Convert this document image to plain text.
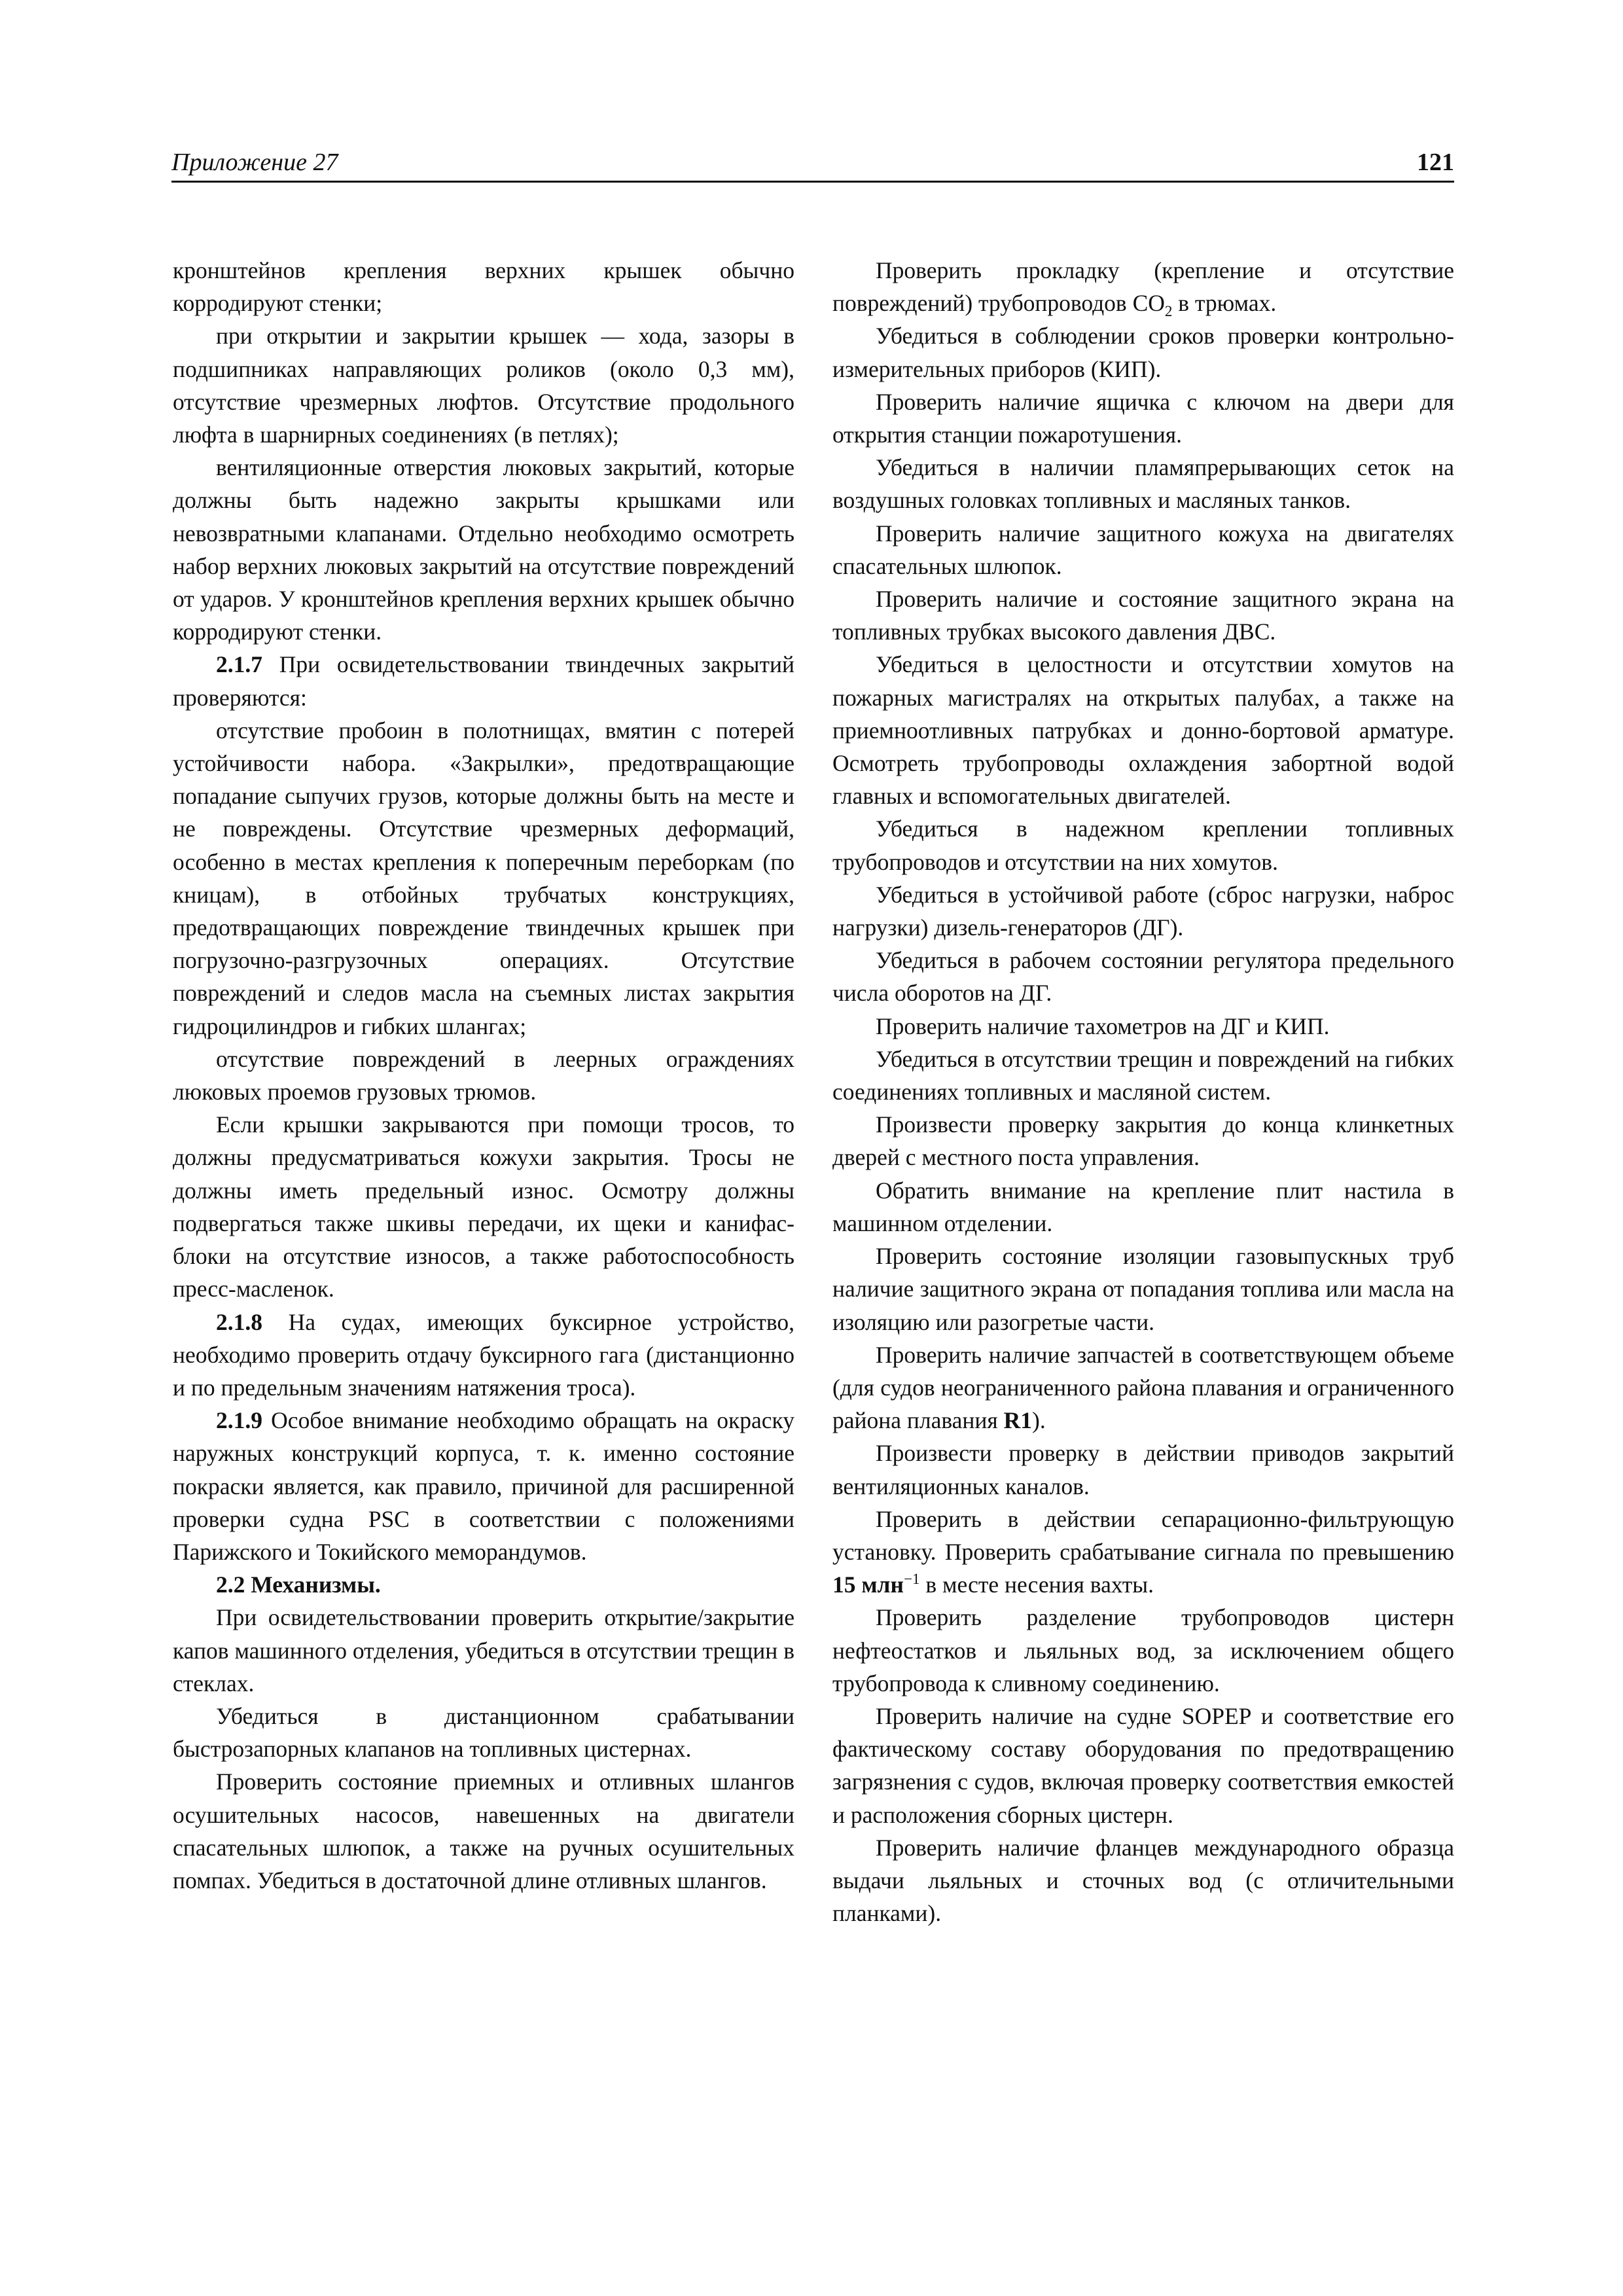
Приложение 27	121

кронштейнов крепления верхних крышек обычно корродируют стенки;

при открытии и закрытии крышек — хода, зазоры в подшипниках направляющих роликов (около 0,3 мм), отсутствие чрезмерных люфтов. Отсутствие продольного люфта в шарнирных соединениях (в петлях);

вентиляционные отверстия люковых закрытий, которые должны быть надежно закрыты крышками или невозвратными клапанами. Отдельно необходимо осмотреть набор верхних люковых закрытий на отсутствие повреждений от ударов. У кронштейнов крепления верхних крышек обычно корродируют стенки.

2.1.7 При освидетельствовании твиндечных закрытий проверяются:

отсутствие пробоин в полотнищах, вмятин с потерей устойчивости набора. «Закрылки», предотвращающие попадание сыпучих грузов, которые должны быть на месте и не повреждены. Отсутствие чрезмерных деформаций, особенно в местах крепления к поперечным переборкам (по кницам), в отбойных трубчатых конструкциях, предотвращающих повреждение твиндечных крышек при погрузочно-разгрузочных операциях. Отсутствие повреждений и следов масла на съемных листах закрытия гидроцилиндров и гибких шлангах;

отсутствие повреждений в леерных ограждениях люковых проемов грузовых трюмов.

Если крышки закрываются при помощи тросов, то должны предусматриваться кожухи закрытия. Тросы не должны иметь предельный износ. Осмотру должны подвергаться также шкивы передачи, их щеки и канифас-блоки на отсутствие износов, а также работоспособность пресс-масленок.

2.1.8 На судах, имеющих буксирное устройство, необходимо проверить отдачу буксирного гага (дистанционно и по предельным значениям натяжения троса).

2.1.9 Особое внимание необходимо обращать на окраску наружных конструкций корпуса, т. к. именно состояние покраски является, как правило, причиной для расширенной проверки судна PSC в соответствии с положениями Парижского и Токийского меморандумов.

2.2 Механизмы.

При освидетельствовании проверить открытие/закрытие капов машинного отделения, убедиться в отсутствии трещин в стеклах.

Убедиться в дистанционном срабатывании быстрозапорных клапанов на топливных цистернах.

Проверить состояние приемных и отливных шлангов осушительных насосов, навешенных на двигатели спасательных шлюпок, а также на ручных осушительных помпах. Убедиться в достаточной длине отливных шлангов.

Проверить прокладку (крепление и отсутствие повреждений) трубопроводов $CO_2$ в трюмах.

Убедиться в соблюдении сроков проверки контрольно-измерительных приборов (КИП).

Проверить наличие ящичка с ключом на двери для открытия станции пожаротушения.

Убедиться в наличии пламяпрерывающих сеток на воздушных головках топливных и масляных танков.

Проверить наличие защитного кожуха на двигателях спасательных шлюпок.

Проверить наличие и состояние защитного экрана на топливных трубках высокого давления ДВС.

Убедиться в целостности и отсутствии хомутов на пожарных магистралях на открытых палубах, а также на приемноотливных патрубках и донно-бортовой арматуре. Осмотреть трубопроводы охлаждения забортной водой главных и вспомогательных двигателей.

Убедиться в надежном креплении топливных трубопроводов и отсутствии на них хомутов.

Убедиться в устойчивой работе (сброс нагрузки, наброс нагрузки) дизель-генераторов (ДГ).

Убедиться в рабочем состоянии регулятора предельного числа оборотов на ДГ.

Проверить наличие тахометров на ДГ и КИП.

Убедиться в отсутствии трещин и повреждений на гибких соединениях топливных и масляной систем.

Произвести проверку закрытия до конца клинкетных дверей с местного поста управления.

Обратить внимание на крепление плит настила в машинном отделении.

Проверить состояние изоляции газовыпускных труб наличие защитного экрана от попадания топлива или масла на изоляцию или разогретые части.

Проверить наличие запчастей в соответствующем объеме (для судов неограниченного района плавания и ограниченного района плавания R1).

Произвести проверку в действии приводов закрытий вентиляционных каналов.

Проверить в действии сепарационно-фильтрующую установку. Проверить срабатывание сигнала по превышению 15 млн$^{-1}$ в месте несения вахты.

Проверить разделение трубопроводов цистерн нефтеостатков и льяльных вод, за исключением общего трубопровода к сливному соединению.

Проверить наличие на судне SOPEP и соответствие его фактическому составу оборудования по предотвращению загрязнения с судов, включая проверку соответствия емкостей и расположения сборных цистерн.

Проверить наличие фланцев международного образца выдачи льяльных и сточных вод (с отличительными планками).
